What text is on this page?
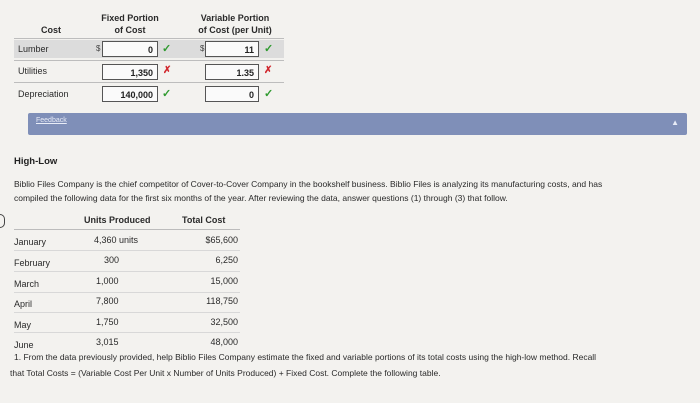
Cost
Fixed Portion
of Cost
Variable Portion
of Cost (per Unit)
Lumber	$	0 ✓	$	11 ✓
Utilities	1,350	✗	1.35	✗
Depreciation	140,000 ✓	0 ✓
Feedback	▲
High-Low
Biblio Files Company is the chief competitor of Cover-to-Cover Company in the bookshelf business. Biblio Files is analyzing its manufacturing costs, and has
compiled the following data for the first six months of the year. After reviewing the data, answer questions (1) through (3) that follow.
Units Produced	Total Cost
January	4,360 units	$65,600
February	300	6,250
March	1,000	15,000
April	7,800	118,750
May	1,750	32,500
June	3,015	48,000
1. From the data previously provided, help Biblio Files Company estimate the fixed and variable portions of its total costs using the high-low method. Recall
that Total Costs = (Variable Cost Per Unit x Number of Units Produced) + Fixed Cost. Complete the following table.
